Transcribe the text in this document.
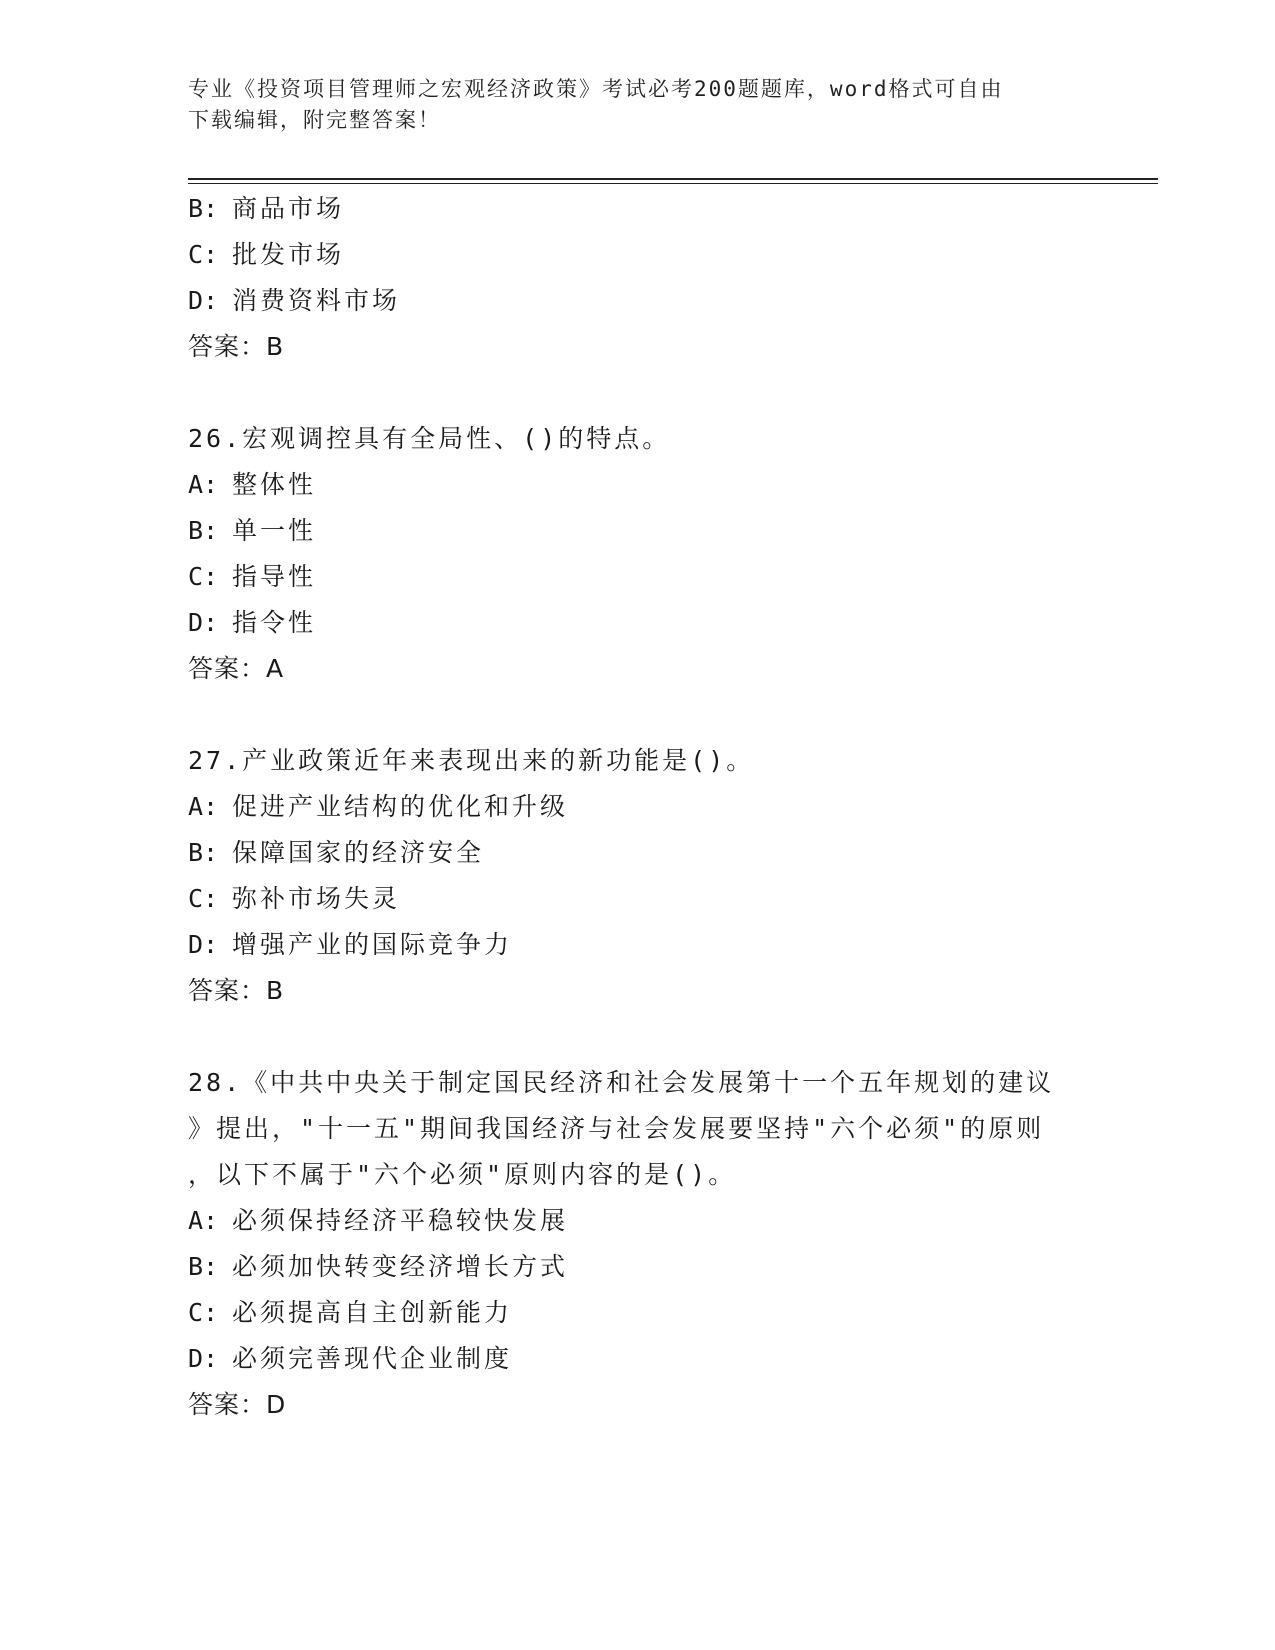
专业《投资项目管理师之宏观经济政策》考试必考200题题库，word格式可自由
下载编辑，附完整答案！
B: 商品市场
C: 批发市场
D: 消费资料市场
答案：B
26.宏观调控具有全局性、()的特点。
A: 整体性
B: 单一性
C: 指导性
D: 指令性
答案：A
27.产业政策近年来表现出来的新功能是()。
A: 促进产业结构的优化和升级
B: 保障国家的经济安全
C: 弥补市场失灵
D: 增强产业的国际竞争力
答案：B
28.《中共中央关于制定国民经济和社会发展第十一个五年规划的建议
》提出，"十一五"期间我国经济与社会发展要坚持"六个必须"的原则
，以下不属于"六个必须"原则内容的是()。
A: 必须保持经济平稳较快发展
B: 必须加快转变经济增长方式
C: 必须提高自主创新能力
D: 必须完善现代企业制度
答案：D
